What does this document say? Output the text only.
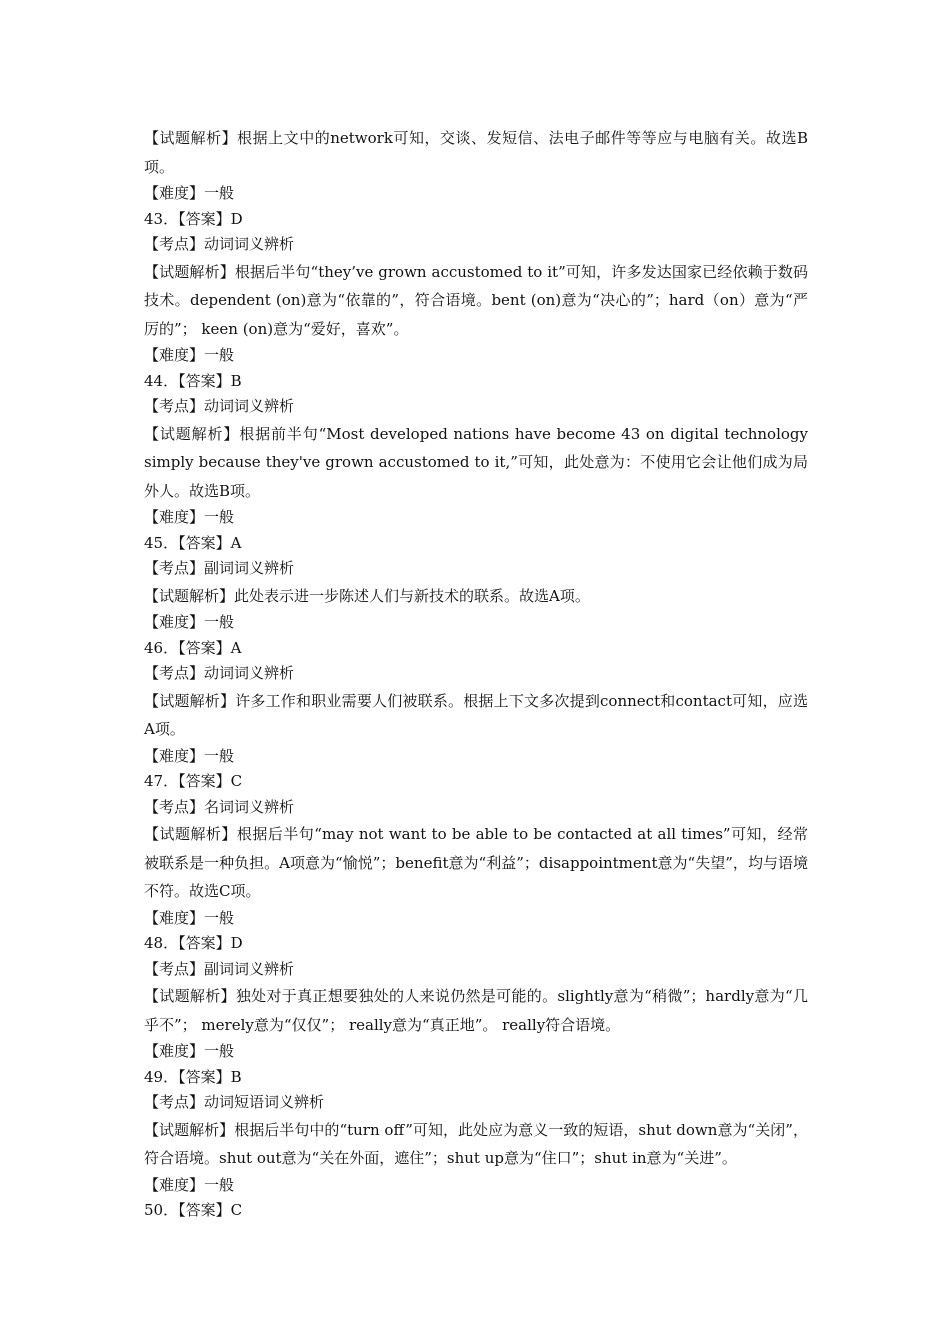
【试题解析】根据上文中的network可知，交谈、发短信、法电子邮件等等应与电脑有关。故选B项。
【难度】一般
43．【答案】D
【考点】动词词义辨析
【试题解析】根据后半句“they’ve grown accustomed to it”可知，许多发达国家已经依赖于数码技术。dependent (on)意为“依靠的”，符合语境。bent (on)意为“决心的”；hard（on）意为“严厉的”； keen (on)意为“爱好，喜欢”。
【难度】一般
44．【答案】B
【考点】动词词义辨析
【试题解析】根据前半句“Most developed nations have become 43 on digital technology simply because they've grown accustomed to it,”可知，此处意为：不使用它会让他们成为局外人。故选B项。
【难度】一般
45．【答案】A
【考点】副词词义辨析
【试题解析】此处表示进一步陈述人们与新技术的联系。故选A项。
【难度】一般
46．【答案】A
【考点】动词词义辨析
【试题解析】许多工作和职业需要人们被联系。根据上下文多次提到connect和contact可知，应选A项。
【难度】一般
47．【答案】C
【考点】名词词义辨析
【试题解析】根据后半句“may not want to be able to be contacted at all times”可知，经常被联系是一种负担。A项意为“愉悦”；benefit意为“利益”；disappointment意为“失望”，均与语境不符。故选C项。
【难度】一般
48．【答案】D
【考点】副词词义辨析
【试题解析】独处对于真正想要独处的人来说仍然是可能的。slightly意为“稍微”；hardly意为“几乎不”； merely意为“仅仅”； really意为“真正地”。 really符合语境。
【难度】一般
49．【答案】B
【考点】动词短语词义辨析
【试题解析】根据后半句中的“turn off”可知，此处应为意义一致的短语，shut down意为“关闭”，符合语境。shut out意为“关在外面，遮住”；shut up意为“住口”；shut in意为“关进”。
【难度】一般
50．【答案】C
